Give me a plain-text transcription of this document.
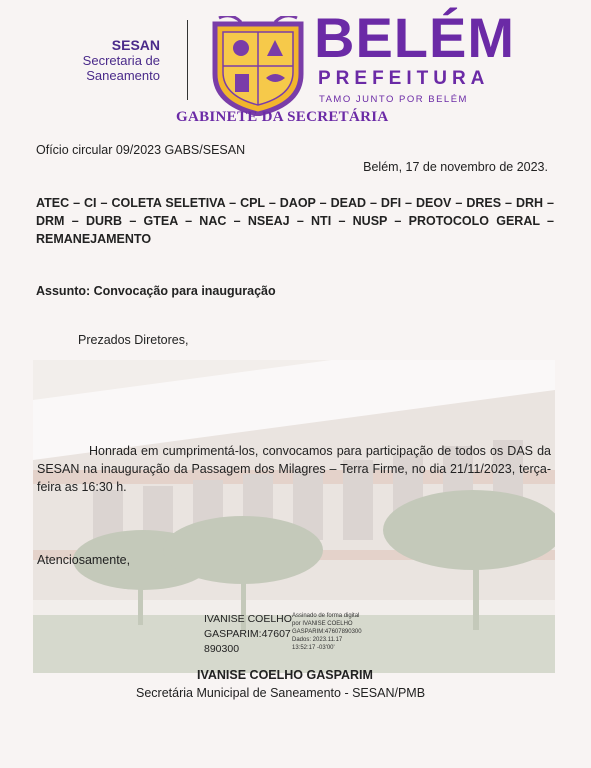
SESAN
Secretaria de
Saneamento
BELÉM
PREFEITURA
TAMO JUNTO POR BELÉM
GABINETE DA SECRETÁRIA
Ofício circular 09/2023 GABS/SESAN
Belém, 17 de novembro de 2023.
ATEC – CI – COLETA SELETIVA – CPL – DAOP – DEAD – DFI – DEOV – DRES – DRH – DRM – DURB – GTEA – NAC – NSEAJ – NTI – NUSP – PROTOCOLO GERAL – REMANEJAMENTO
Assunto: Convocação para inauguração
Prezados Diretores,
Honrada em cumprimentá-los, convocamos para participação de todos os DAS da SESAN na inauguração da Passagem dos Milagres – Terra Firme, no dia 21/11/2023, terça-feira as 16:30 h.
Atenciosamente,
IVANISE COELHO
GASPARIM:47607
890300
Assinado de forma digital
por IVANISE COELHO
GASPARIM:47607890300
Dados: 2023.11.17
13:52:17 -03'00'
IVANISE COELHO GASPARIM
Secretária Municipal de Saneamento - SESAN/PMB
